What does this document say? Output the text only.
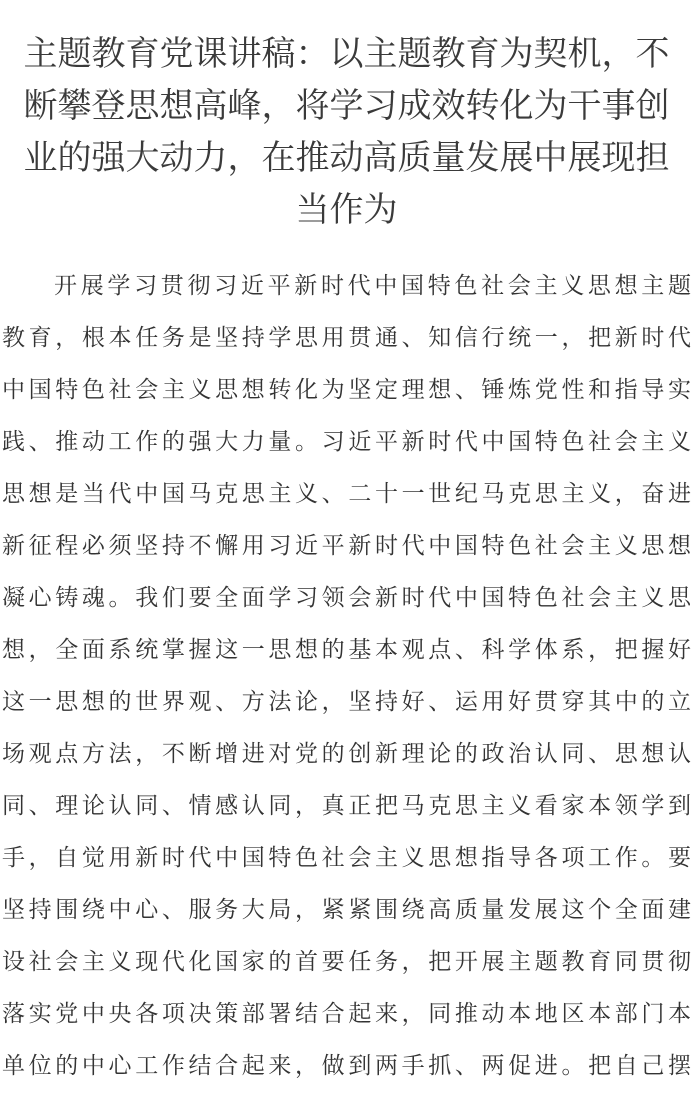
主题教育党课讲稿：以主题教育为契机，不
断攀登思想高峰，将学习成效转化为干事创
业的强大动力，在推动高质量发展中展现担
当作为
开展学习贯彻习近平新时代中国特色社会主义思想主题
教育，根本任务是坚持学思用贯通、知信行统一，把新时代
中国特色社会主义思想转化为坚定理想、锤炼党性和指导实
践、推动工作的强大力量。习近平新时代中国特色社会主义
思想是当代中国马克思主义、二十一世纪马克思主义，奋进
新征程必须坚持不懈用习近平新时代中国特色社会主义思想
凝心铸魂。我们要全面学习领会新时代中国特色社会主义思
想，全面系统掌握这一思想的基本观点、科学体系，把握好
这一思想的世界观、方法论，坚持好、运用好贯穿其中的立
场观点方法，不断增进对党的创新理论的政治认同、思想认
同、理论认同、情感认同，真正把马克思主义看家本领学到
手，自觉用新时代中国特色社会主义思想指导各项工作。要
坚持围绕中心、服务大局，紧紧围绕高质量发展这个全面建
设社会主义现代化国家的首要任务，把开展主题教育同贯彻
落实党中央各项决策部署结合起来，同推动本地区本部门本
单位的中心工作结合起来，做到两手抓、两促进。把自己摆
